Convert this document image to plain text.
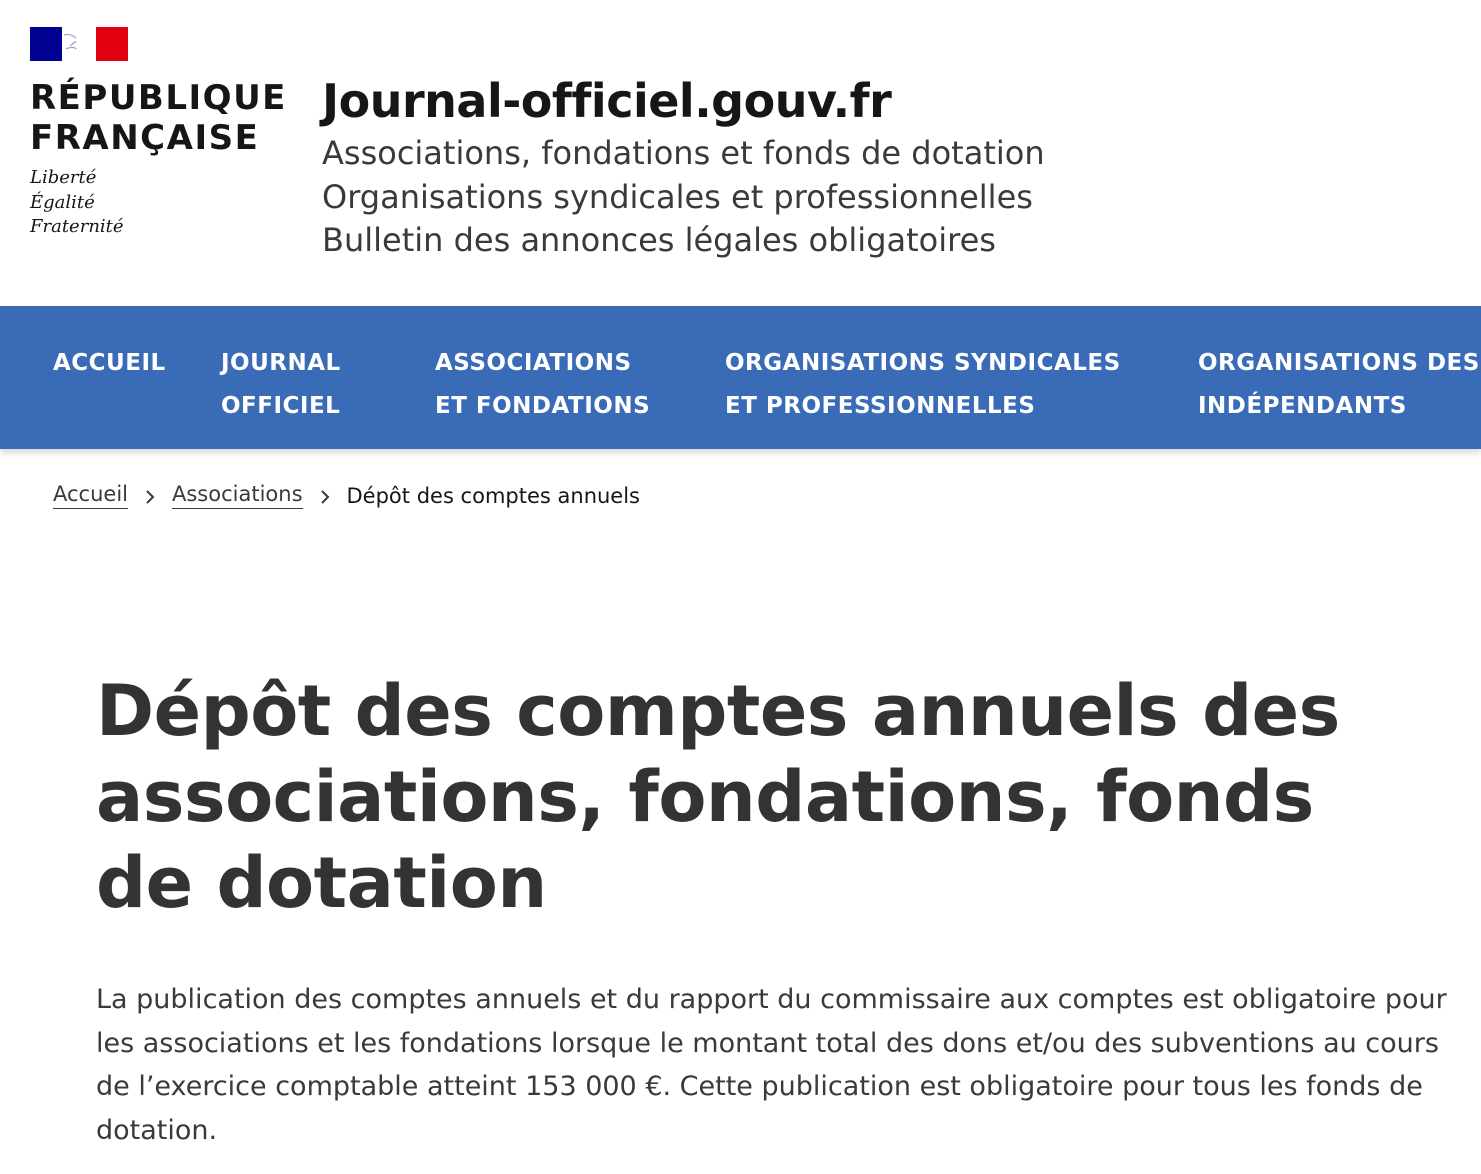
RÉPUBLIQUE
FRANÇAISE
Liberté
Égalité
Fraternité
Journal-officiel.gouv.fr
Associations, fondations et fonds de dotation
Organisations syndicales et professionnelles
Bulletin des annonces légales obligatoires
ACCUEIL JOURNAL
OFFICIEL
ASSOCIATIONS
ET FONDATIONS
ORGANISATIONS SYNDICALES
ET PROFESSIONNELLES
ORGANISATIONS DES
INDÉPENDANTS
Accueil Associations Dépôt des comptes annuels
Dépôt des comptes annuels des associations, fondations, fonds de dotation

La publication des comptes annuels et du rapport du commissaire aux comptes est obligatoire pour les associations et les fondations lorsque le montant total des dons et/ou des subventions au cours de l’exercice comptable atteint 153 000 €. Cette publication est obligatoire pour tous les fonds de dotation.
